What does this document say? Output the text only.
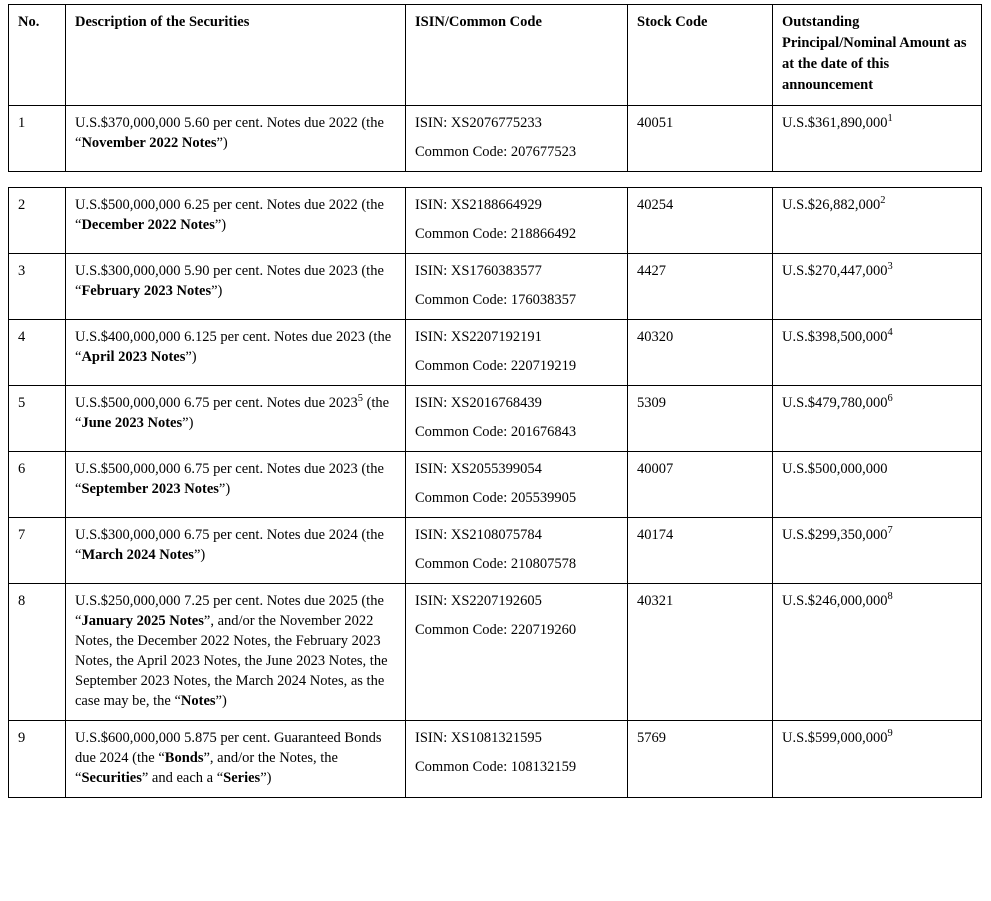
No.	Description of the Securities	ISIN/Common Code	Stock Code	Outstanding Principal/Nominal Amount as at the date of this announcement
1	U.S.$370,000,000 5.60 per cent. Notes due 2022 (the “November 2022 Notes”)	ISIN: XS2076775233
Common Code: 207677523	40051	U.S.$361,890,000$^1$
2	U.S.$500,000,000 6.25 per cent. Notes due 2022 (the “December 2022 Notes”)	ISIN: XS2188664929
Common Code: 218866492	40254	U.S.$26,882,000$^2$
3	U.S.$300,000,000 5.90 per cent. Notes due 2023 (the “February 2023 Notes”)	ISIN: XS1760383577
Common Code: 176038357	4427	U.S.$270,447,000$^3$
4	U.S.$400,000,000 6.125 per cent. Notes due 2023 (the “April 2023 Notes”)	ISIN: XS2207192191
Common Code: 220719219	40320	U.S.$398,500,000$^4$
5	U.S.$500,000,000 6.75 per cent. Notes due 2023$^5$ (the “June 2023 Notes”)	ISIN: XS2016768439
Common Code: 201676843	5309	U.S.$479,780,000$^6$
6	U.S.$500,000,000 6.75 per cent. Notes due 2023 (the “September 2023 Notes”)	ISIN: XS2055399054
Common Code: 205539905	40007	U.S.$500,000,000
7	U.S.$300,000,000 6.75 per cent. Notes due 2024 (the “March 2024 Notes”)	ISIN: XS2108075784
Common Code: 210807578	40174	U.S.$299,350,000$^7$
8	U.S.$250,000,000 7.25 per cent. Notes due 2025 (the “January 2025 Notes”, and/or the November 2022 Notes, the December 2022 Notes, the February 2023 Notes, the April 2023 Notes, the June 2023 Notes, the September 2023 Notes, the March 2024 Notes, as the case may be, the “Notes”)	ISIN: XS2207192605
Common Code: 220719260	40321	U.S.$246,000,000$^8$
9	U.S.$600,000,000 5.875 per cent. Guaranteed Bonds due 2024 (the “Bonds”, and/or the Notes, the “Securities” and each a “Series”)	ISIN: XS1081321595
Common Code: 108132159	5769	U.S.$599,000,000$^9$
